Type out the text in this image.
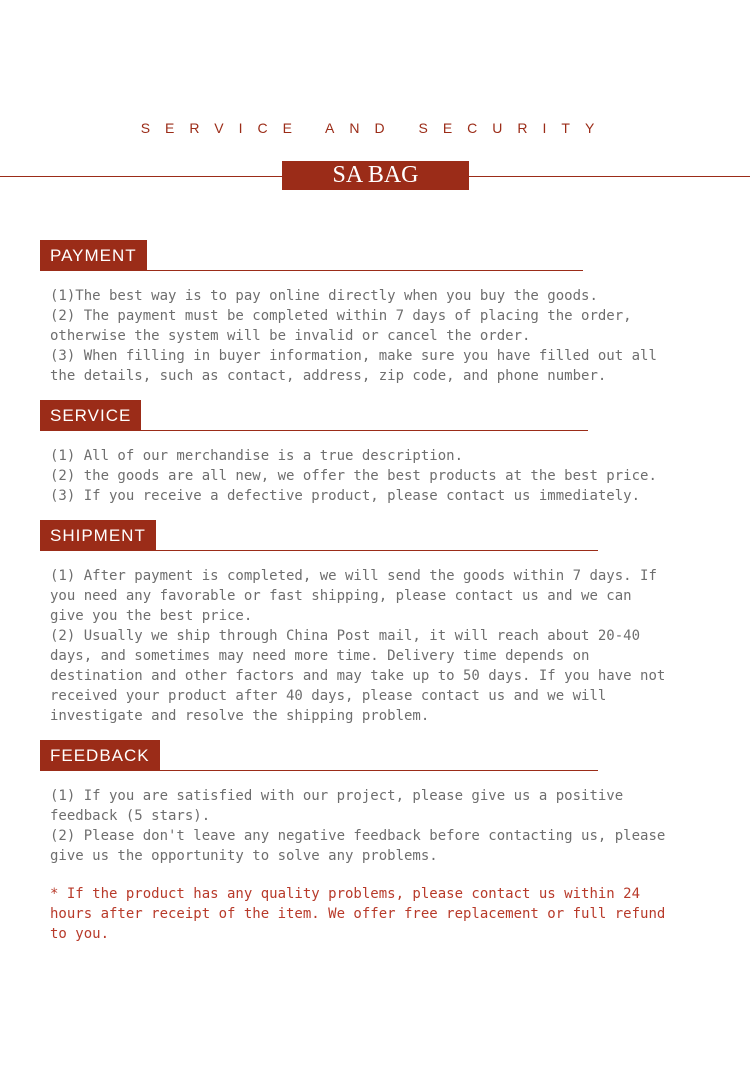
SERVICE AND SECURITY
SA BAG
PAYMENT

(1)The best way is to pay online directly when you buy the goods.

(2) The payment must be completed within 7 days of placing the order,

otherwise the system will be invalid or cancel the order.

(3) When filling in buyer information, make sure you have filled out all

the details, such as contact, address, zip code, and phone number.

SERVICE

(1) All of our merchandise is a true description.

(2) the goods are all new, we offer the best products at the best price.

(3) If you receive a defective product, please contact us immediately.

SHIPMENT

(1) After payment is completed, we will send the goods within 7 days. If

you need any favorable or fast shipping, please contact us and we can

give you the best price.

(2) Usually we ship through China Post mail, it will reach about 20-40

days, and sometimes may need more time. Delivery time depends on

destination and other factors and may take up to 50 days. If you have not

received your product after 40 days, please contact us and we will

investigate and resolve the shipping problem.

FEEDBACK

(1) If you are satisfied with our project, please give us a positive

feedback (5 stars).

(2) Please don't leave any negative feedback before contacting us, please

give us the opportunity to solve any problems.

* If the product has any quality problems, please contact us within 24

hours after receipt of the item. We offer free replacement or full refund

to you.
